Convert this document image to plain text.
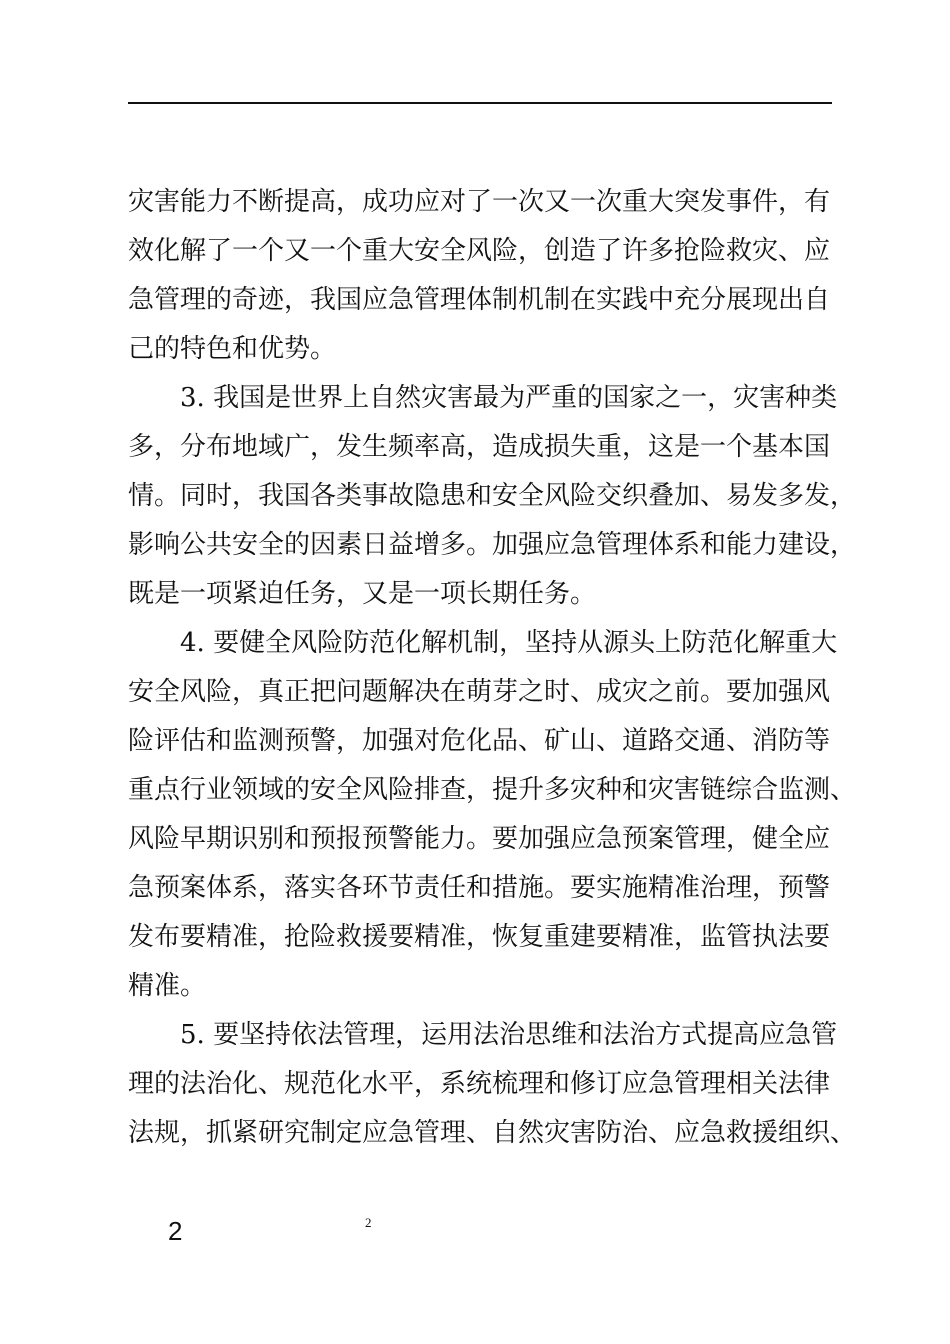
灾害能力不断提高，成功应对了一次又一次重大突发事件，有
效化解了一个又一个重大安全风险，创造了许多抢险救灾、应
急管理的奇迹，我国应急管理体制机制在实践中充分展现出自
己的特色和优势。
3. 我国是世界上自然灾害最为严重的国家之一，灾害种类
多，分布地域广，发生频率高，造成损失重，这是一个基本国
情。同时，我国各类事故隐患和安全风险交织叠加、易发多发，
影响公共安全的因素日益增多。加强应急管理体系和能力建设，
既是一项紧迫任务，又是一项长期任务。
4. 要健全风险防范化解机制，坚持从源头上防范化解重大
安全风险，真正把问题解决在萌芽之时、成灾之前。要加强风
险评估和监测预警，加强对危化品、矿山、道路交通、消防等
重点行业领域的安全风险排查，提升多灾种和灾害链综合监测、
风险早期识别和预报预警能力。要加强应急预案管理，健全应
急预案体系，落实各环节责任和措施。要实施精准治理，预警
发布要精准，抢险救援要精准，恢复重建要精准，监管执法要
精准。
5. 要坚持依法管理，运用法治思维和法治方式提高应急管
理的法治化、规范化水平，系统梳理和修订应急管理相关法律
法规，抓紧研究制定应急管理、自然灾害防治、应急救援组织、
2	2
